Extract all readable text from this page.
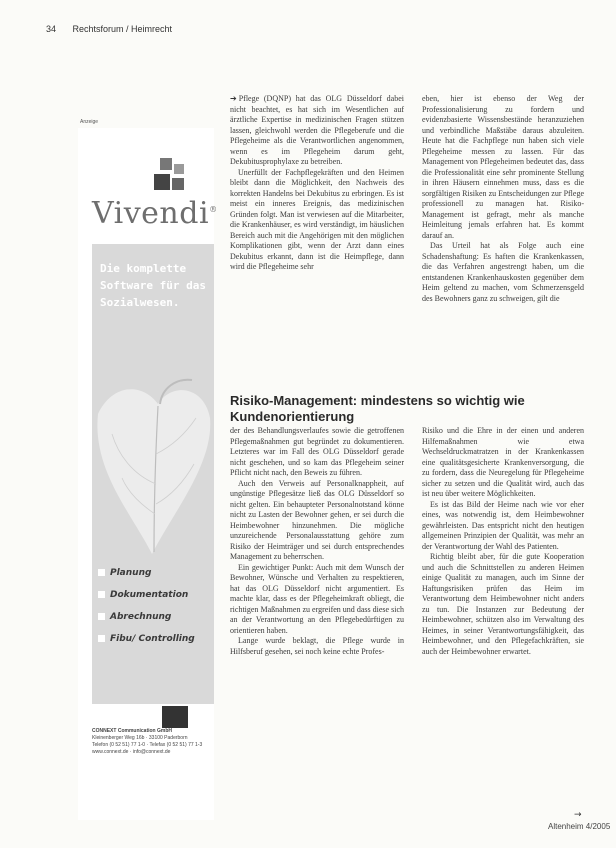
34 Rechtsforum / Heimrecht
Anzeige
Vivendi®
Die komplette
Software für das
Sozialwesen.
Planung
Dokumentation
Abrechnung
Fibu/ Controlling

CONNEXT Communication GmbH

Kleinenberger Weg 16b · 33100 Paderborn

Telefon (0 52 51) 77 1-0 · Telefax (0 52 51) 77 1-3

www.connext.de · info@connext.de

➔ Pflege (DQNP) hat das OLG Düsseldorf dabei nicht beachtet, es hat sich im Wesentlichen auf ärztliche Expertise in medizinischen Fragen stützen lassen, gleichwohl werden die Pflegeberufe und die Pflegeheime als die Verantwortlichen angenommen, wenn es im Pflegeheim darum geht, Dekubitusprophylaxe zu betreiben.

Unerfüllt der Fachpflegekräften und den Heimen bleibt dann die Möglichkeit, den Nachweis des korrekten Handelns bei Dekubitus zu erbringen. Es ist meist ein inneres Ereignis, das medizinischen Gründen folgt. Man ist verwiesen auf die Mitarbeiter, die Krankenhäuser, es wird verständigt, im häuslichen Bereich auch mit die Angehörigen mit den möglichen Komplikationen gibt, wenn der Arzt dann eines Dekubitus erkannt, dann ist die Heimpflege, dann wird die Pflegeheime sehr

eben, hier ist ebenso der Weg der Professionalisierung zu fordern und evidenzbasierte Wissensbestände heranzuziehen und verbindliche Maßstäbe daraus abzuleiten. Heute hat die Fachpflege nun haben sich viele Pflegeheime messen zu lassen. Für das Management von Pflegeheimen bedeutet das, dass die Professionalität eine sehr prominente Stellung in ihren Häusern einnehmen muss, dass es die sorgfältigen Risiken zu Entscheidungen zur Pflege professionell zu managen hat. Risiko-Management ist gefragt, mehr als manche Heimleitung jemals erfahren hat. Es kommt darauf an.

Das Urteil hat als Folge auch eine Schadenshaftung: Es haften die Krankenkassen, die das Verfahren angestrengt haben, um die entstandenen Krankenhauskosten gegenüber dem Heim geltend zu machen, vom Schmerzensgeld des Bewohners ganz zu schweigen, gilt die

Risiko-Management: mindestens so wichtig wie Kundenorientierung

der des Behandlungsverlaufes sowie die getroffenen Pflegemaßnahmen gut begründet zu dokumentieren. Letzteres war im Fall des OLG Düsseldorf gerade nicht geschehen, und so kam das Pflegeheim seiner Pflicht nicht nach, den Beweis zu führen.

Auch den Verweis auf Personalknappheit, auf ungünstige Pflegesätze ließ das OLG Düsseldorf so nicht gelten. Ein behaupteter Personalnotstand könne nicht zu Lasten der Bewohner gehen, er sei durch die Heimbewohner hinzunehmen. Die mögliche unzureichende Personalausstattung gehöre zum Risiko der Heimträger und sei durch entsprechendes Management zu beherrschen.

Ein gewichtiger Punkt: Auch mit dem Wunsch der Bewohner, Wünsche und Verhalten zu respektieren, hat das OLG Düsseldorf nicht argumentiert. Es machte klar, dass es der Pflegeheimkraft obliegt, die richtigen Maßnahmen zu ergreifen und dass diese sich an der Verantwortung an den Pflegebedürftigen zu orientieren haben.

Lange wurde beklagt, die Pflege wurde in Hilfsberuf gesehen, sei noch keine echte Profes-

Risiko und die Ehre in der einen und anderen Hilfemaßnahmen wie etwa Wechseldruckmatratzen in der Krankenkassen eine qualitätsgesicherte Krankenversorgung, die zu fordern, dass die Neuregelung für Pflegeheime sicher zu setzen und die Qualität wird, auch das ist neu über weitere Möglichkeiten.

Es ist das Bild der Heime nach wie vor eher eines, was notwendig ist, dem Heimbewohner gewährleisten. Das entspricht nicht den heutigen allgemeinen Prinzipien der Qualität, was mehr an der Verantwortung der Wahl des Patienten.

Richtig bleibt aber, für die gute Kooperation und auch die Schnittstellen zu anderen Heimen einige Qualität zu managen, auch im Sinne der Haftungsrisiken prüfen das Heim im Verantwortung dem Heimbewohner nicht anders zu tun. Die Instanzen zur Bedeutung der Heimbewohner, schützen also im Verwaltung des Heimes, in seiner Verantwortungsfähigkeit, das Heimbewohner, und den Pflegefachkräften, sie auch der Heimbewohner erwartet.

→
Altenheim 4/2005
